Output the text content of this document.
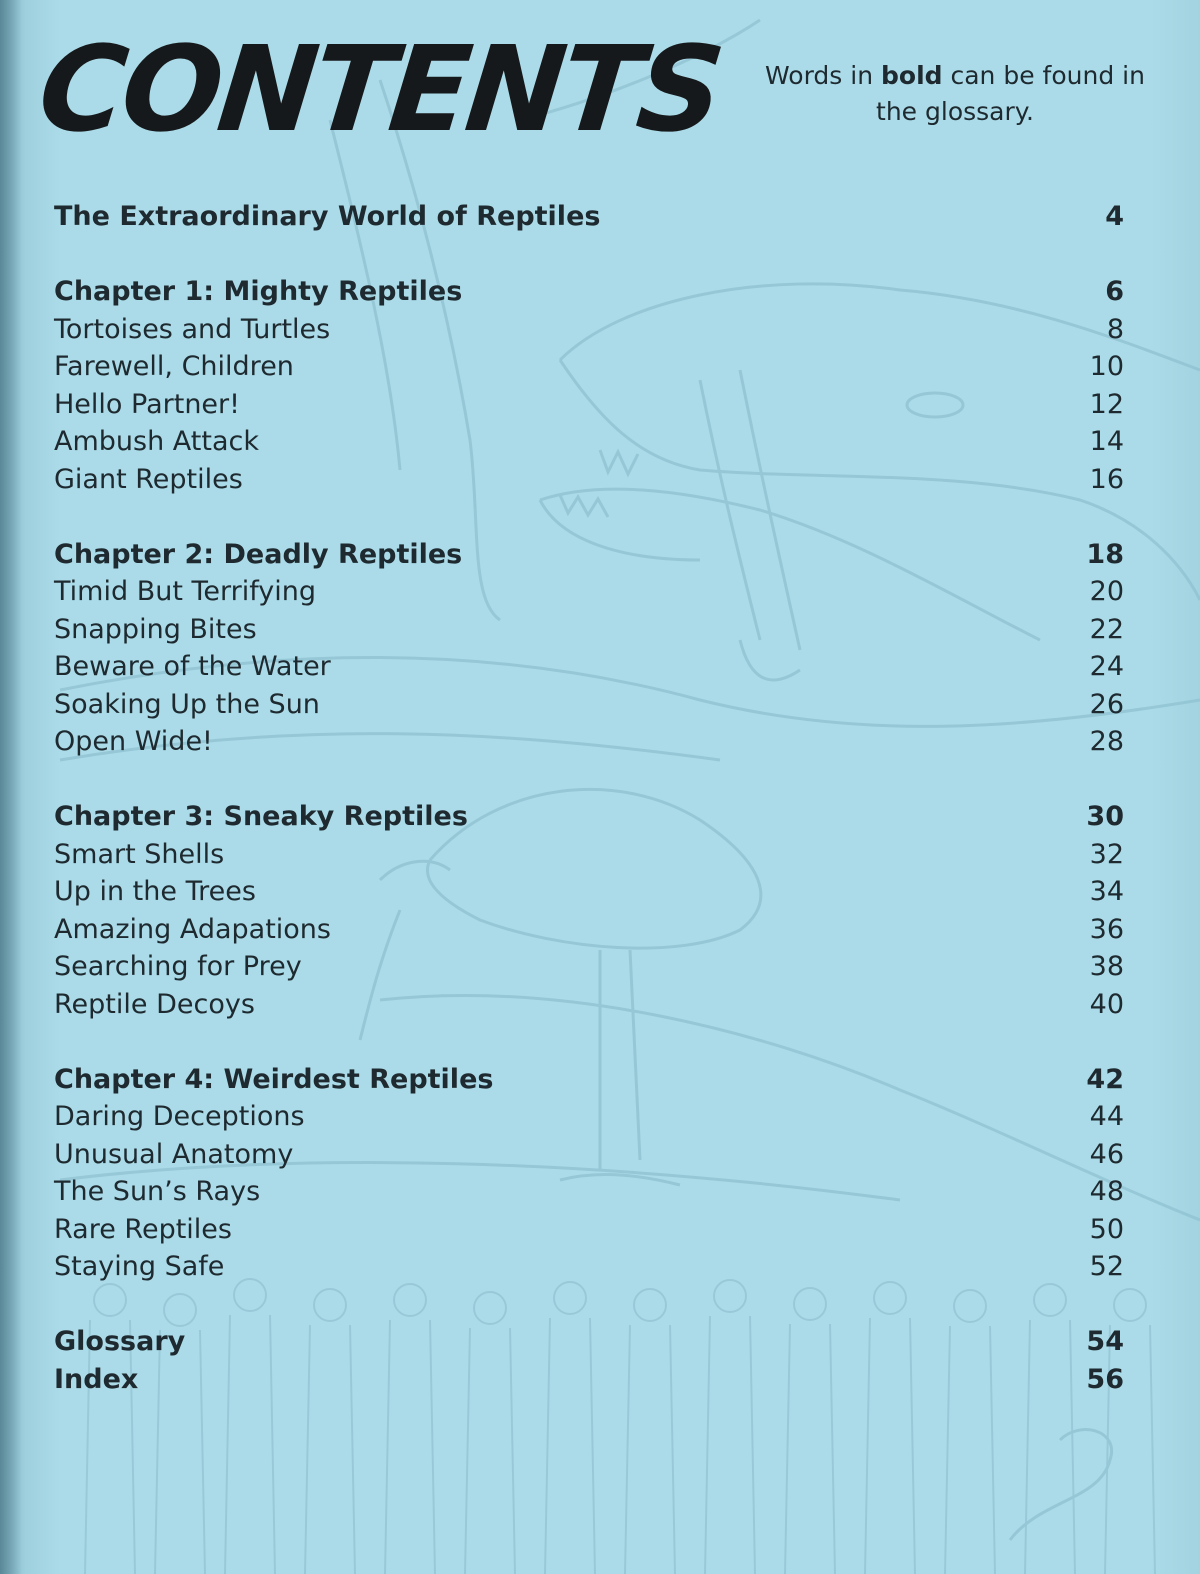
CONTENTS Words in bold can be found in the glossary.
The Extraordinary World of Reptiles	4
Chapter 1: Mighty Reptiles	6
Tortoises and Turtles	8
Farewell, Children	10
Hello Partner!	12
Ambush Attack	14
Giant Reptiles	16
Chapter 2: Deadly Reptiles	18
Timid But Terrifying	20
Snapping Bites	22
Beware of the Water	24
Soaking Up the Sun	26
Open Wide!	28
Chapter 3: Sneaky Reptiles	30
Smart Shells	32
Up in the Trees	34
Amazing Adapations	36
Searching for Prey	38
Reptile Decoys	40
Chapter 4: Weirdest Reptiles	42
Daring Deceptions	44
Unusual Anatomy	46
The Sun’s Rays	48
Rare Reptiles	50
Staying Safe	52
Glossary	54
Index	56
